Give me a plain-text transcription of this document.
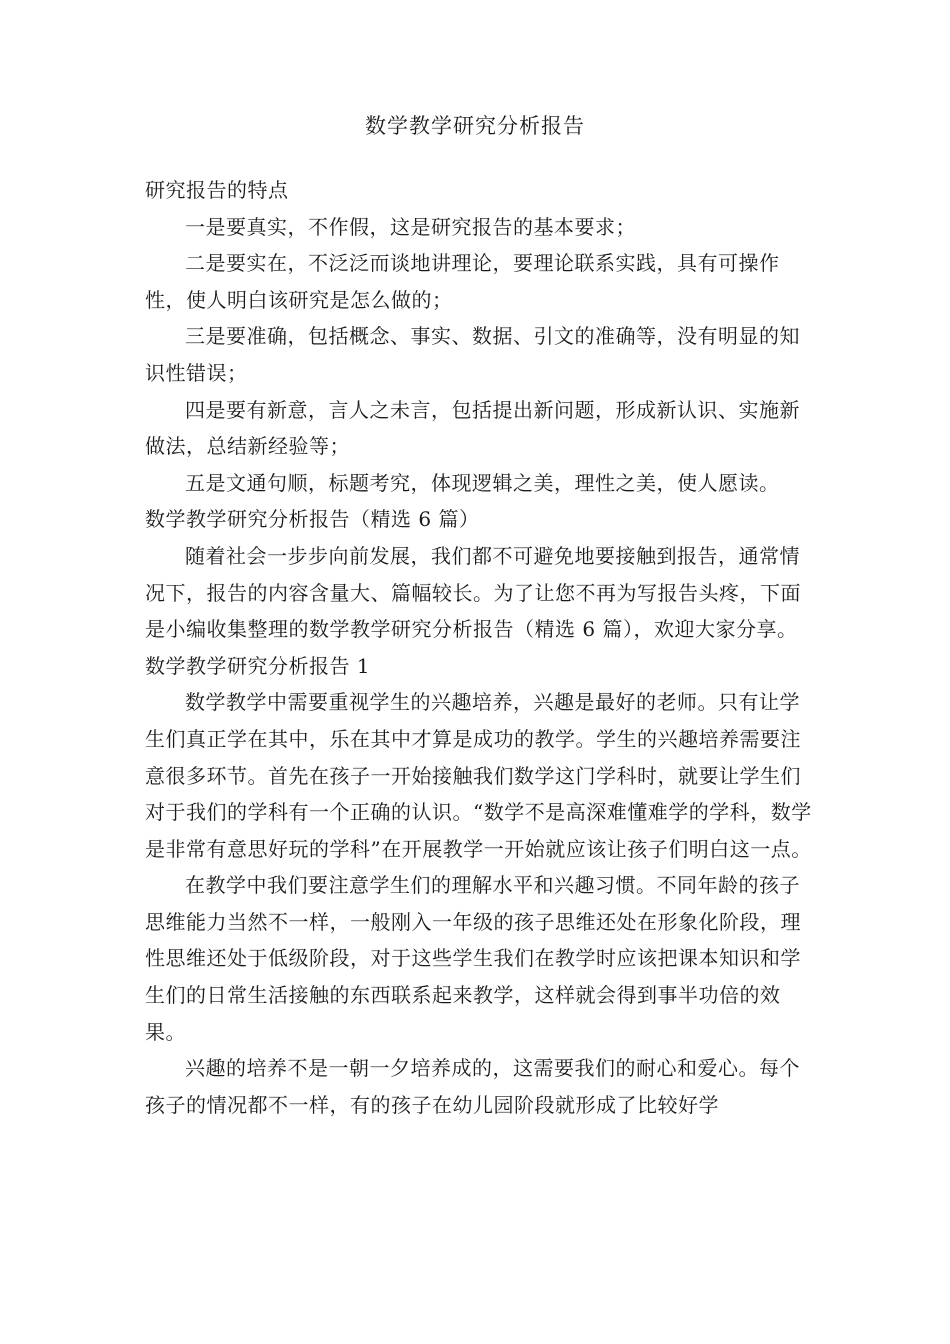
数学教学研究分析报告

研究报告的特点

一是要真实，不作假，这是研究报告的基本要求；

二是要实在，不泛泛而谈地讲理论，要理论联系实践，具有可操作性，使人明白该研究是怎么做的；

三是要准确，包括概念、事实、数据、引文的准确等，没有明显的知识性错误；

四是要有新意，言人之未言，包括提出新问题，形成新认识、实施新做法，总结新经验等；

五是文通句顺，标题考究，体现逻辑之美，理性之美，使人愿读。

数学教学研究分析报告（精选 6 篇）

随着社会一步步向前发展，我们都不可避免地要接触到报告，通常情况下，报告的内容含量大、篇幅较长。为了让您不再为写报告头疼，下面是小编收集整理的数学教学研究分析报告（精选 6 篇），欢迎大家分享。

数学教学研究分析报告 1

数学教学中需要重视学生的兴趣培养，兴趣是最好的老师。只有让学生们真正学在其中，乐在其中才算是成功的教学。学生的兴趣培养需要注意很多环节。首先在孩子一开始接触我们数学这门学科时，就要让学生们对于我们的学科有一个正确的认识。“数学不是高深难懂难学的学科，数学是非常有意思好玩的学科”在开展教学一开始就应该让孩子们明白这一点。

在教学中我们要注意学生们的理解水平和兴趣习惯。不同年龄的孩子思维能力当然不一样，一般刚入一年级的孩子思维还处在形象化阶段，理性思维还处于低级阶段，对于这些学生我们在教学时应该把课本知识和学生们的日常生活接触的东西联系起来教学，这样就会得到事半功倍的效果。

兴趣的培养不是一朝一夕培养成的，这需要我们的耐心和爱心。每个孩子的情况都不一样，有的孩子在幼儿园阶段就形成了比较好学
